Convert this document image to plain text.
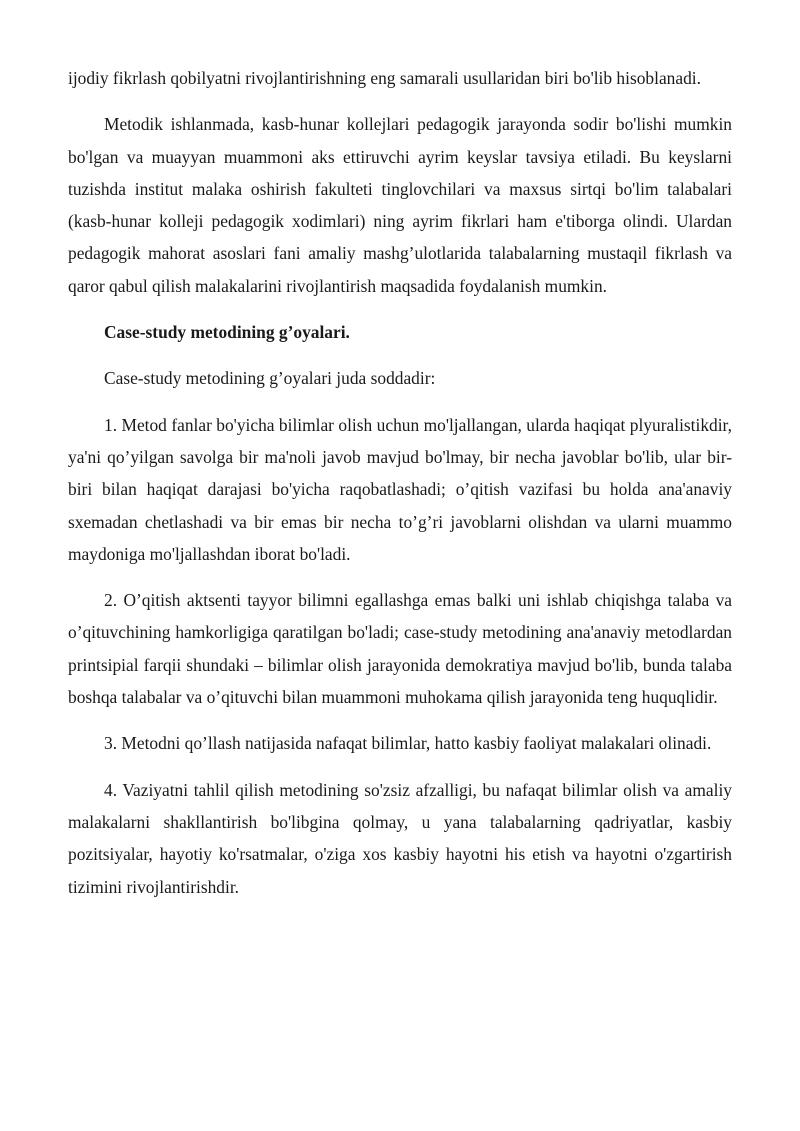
ijodiy fikrlash qobilyatni rivojlantirishning eng samarali usullaridan biri bo'lib hisoblanadi.

Metodik ishlanmada, kasb-hunar kollejlari pedagogik jarayonda sodir bo'lishi mumkin bo'lgan va muayyan muammoni aks ettiruvchi ayrim keyslar tavsiya etiladi. Bu keyslarni tuzishda institut malaka oshirish fakulteti tinglovchilari va maxsus sirtqi bo'lim talabalari (kasb-hunar kolleji pedagogik xodimlari) ning ayrim fikrlari ham e'tiborga olindi. Ulardan pedagogik mahorat asoslari fani amaliy mashg’ulotlarida talabalarning mustaqil fikrlash va qaror qabul qilish malakalarini rivojlantirish maqsadida foydalanish mumkin.

Case-study metodining g’oyalari.

Case-study metodining g’oyalari juda soddadir:

1. Metod fanlar bo'yicha bilimlar olish uchun mo'ljallangan, ularda haqiqat plyuralistikdir, ya'ni qo’yilgan savolga bir ma'noli javob mavjud bo'lmay, bir necha javoblar bo'lib, ular bir-biri bilan haqiqat darajasi bo'yicha raqobatlashadi; o’qitish vazifasi bu holda ana'anaviy sxemadan chetlashadi va bir emas bir necha to’g’ri javoblarni olishdan va ularni muammo maydoniga mo'ljallashdan iborat bo'ladi.

2. O’qitish aktsenti tayyor bilimni egallashga emas balki uni ishlab chiqishga talaba va o’qituvchining hamkorligiga qaratilgan bo'ladi; case-study metodining ana'anaviy metodlardan printsipial farqii shundaki – bilimlar olish jarayonida demokratiya mavjud bo'lib, bunda talaba boshqa talabalar va o’qituvchi bilan muammoni muhokama qilish jarayonida teng huquqlidir.

3. Metodni qo’llash natijasida nafaqat bilimlar, hatto kasbiy faoliyat malakalari olinadi.

4. Vaziyatni tahlil qilish metodining so'zsiz afzalligi, bu nafaqat bilimlar olish va amaliy malakalarni shakllantirish bo'libgina qolmay, u yana talabalarning qadriyatlar, kasbiy pozitsiyalar, hayotiy ko'rsatmalar, o'ziga xos kasbiy hayotni his etish va hayotni o'zgartirish tizimini rivojlantirishdir.
